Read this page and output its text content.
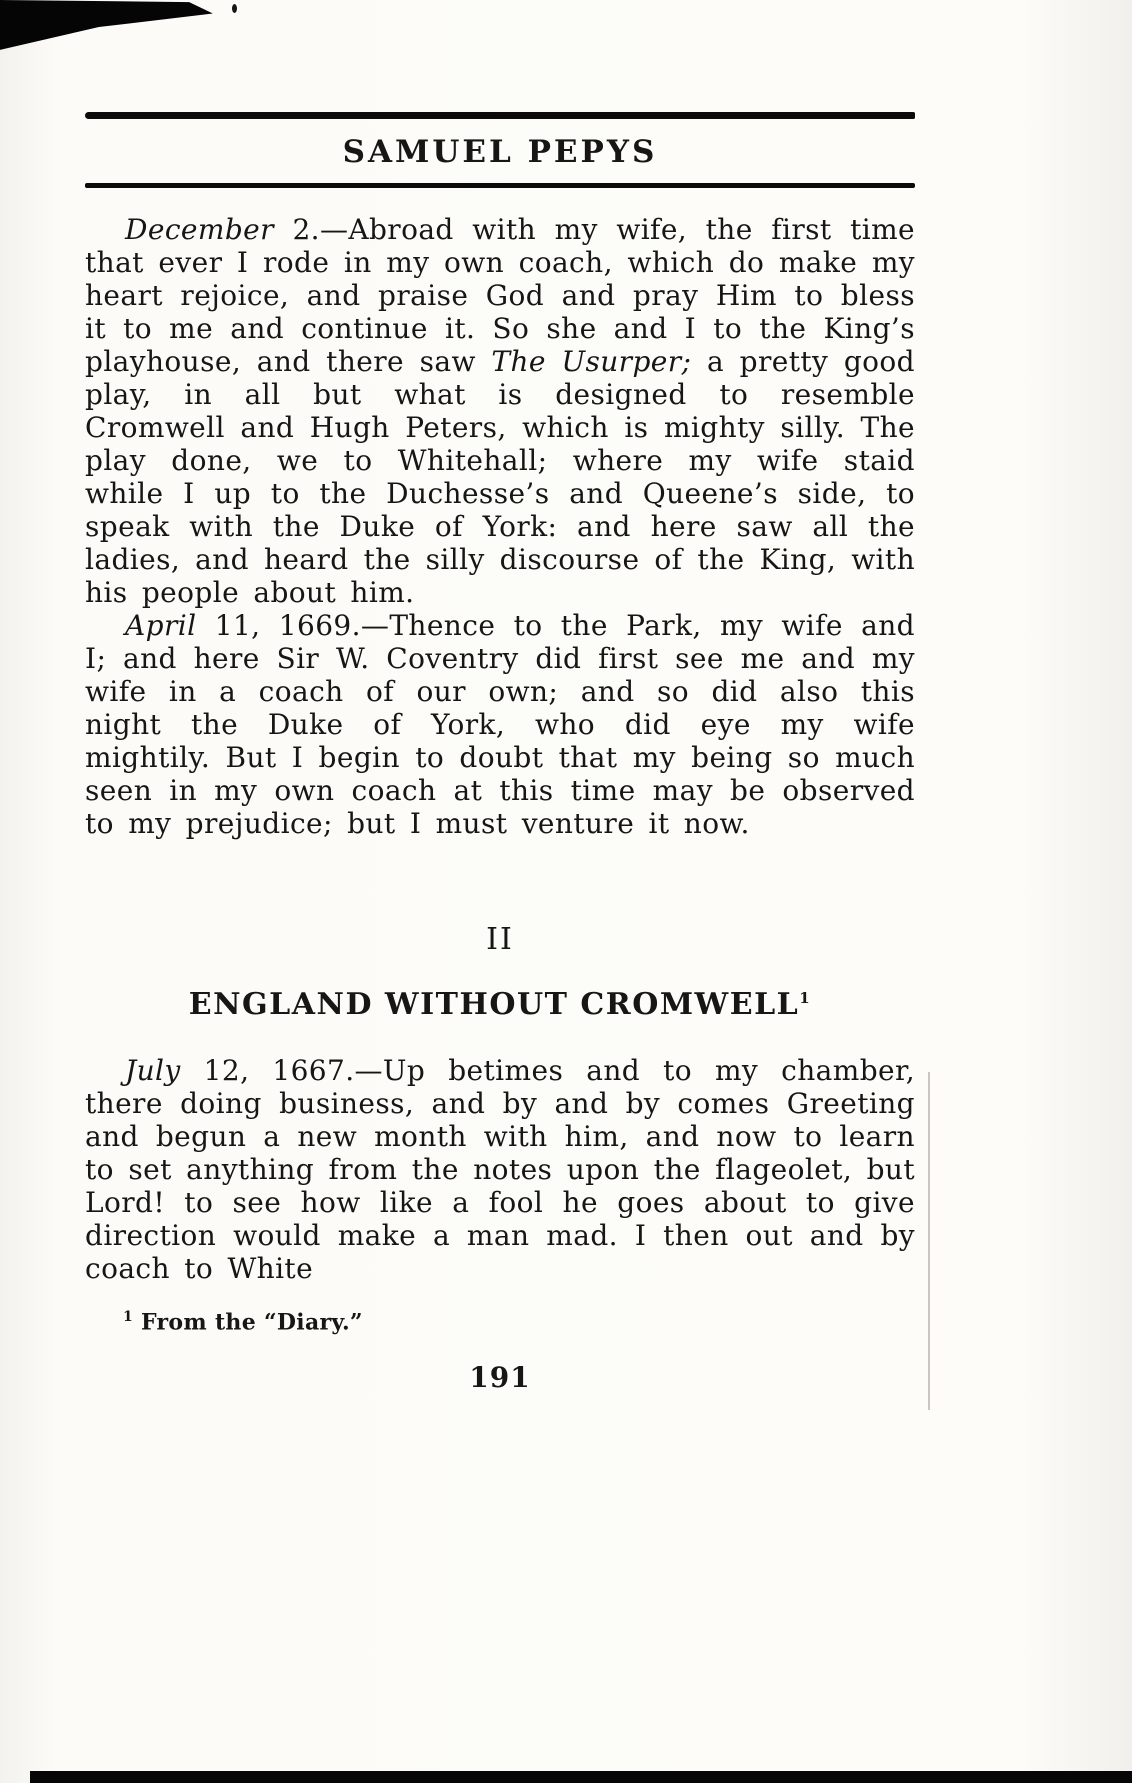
SAMUEL PEPYS

December 2.—Abroad with my wife, the first time that ever I rode in my own coach, which do make my heart rejoice, and praise God and pray Him to bless it to me and continue it. So she and I to the King’s playhouse, and there saw The Usurper; a pretty good play, in all but what is designed to resemble Cromwell and Hugh Peters, which is mighty silly. The play done, we to Whitehall; where my wife staid while I up to the Duchesse’s and Queene’s side, to speak with the Duke of York: and here saw all the ladies, and heard the silly discourse of the King, with his people about him.

April 11, 1669.—Thence to the Park, my wife and I; and here Sir W. Coventry did first see me and my wife in a coach of our own; and so did also this night the Duke of York, who did eye my wife mightily. But I begin to doubt that my being so much seen in my own coach at this time may be observed to my prejudice; but I must venture it now.

II
ENGLAND WITHOUT CROMWELL$^1$

July 12, 1667.—Up betimes and to my chamber, there doing business, and by and by comes Greeting and begun a new month with him, and now to learn to set anything from the notes upon the flageolet, but Lord! to see how like a fool he goes about to give direction would make a man mad. I then out and by coach to White

$^1$ From the “Diary.”
191
